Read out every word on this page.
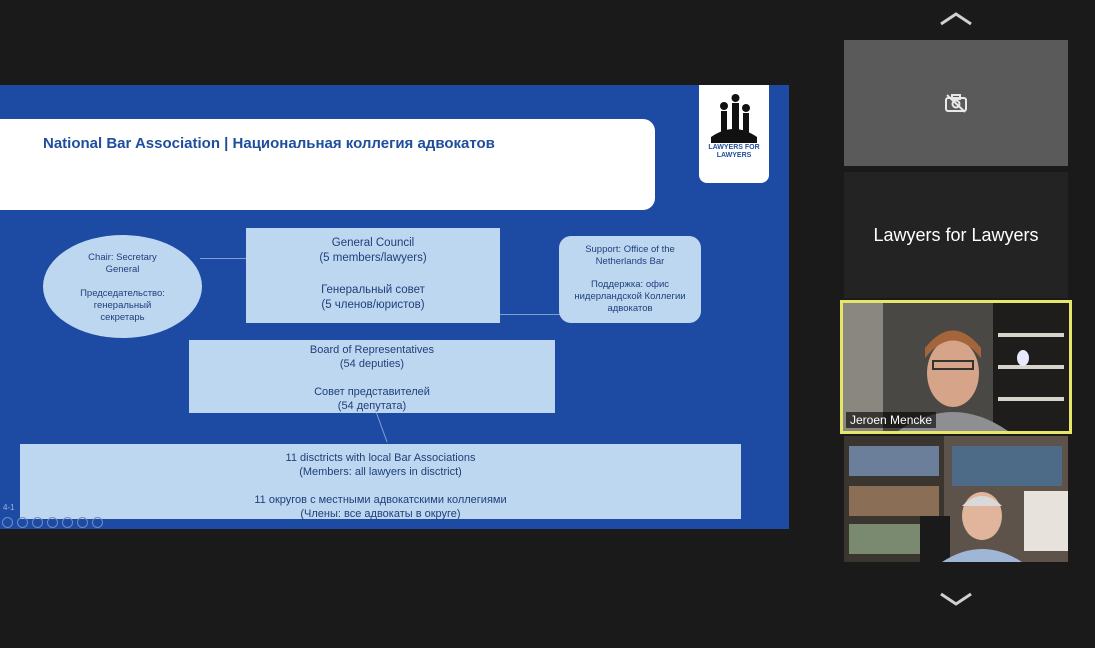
National Bar Association | Национальная коллегия адвокатов	LAWYERS FOR
LAWYERS
Chair: Secretary
General
Председательство:
генеральный
секретарь
General Council
(5 members/lawyers)
Генеральный совет
(5 членов/юристов)
Support: Office of the
Netherlands Bar
Поддержка: офис
нидерландской Коллегии
адвокатов
Board of Representatives
(54 deputies)
Совет представителей
(54 депутата)
11 disctricts with local Bar Associations
(Members: all lawyers in disctrict)
11 округов с местными адвокатскими коллегиями
(Члены: все адвокаты в округе)
4-1
Lawyers for Lawyers
Jeroen Mencke
